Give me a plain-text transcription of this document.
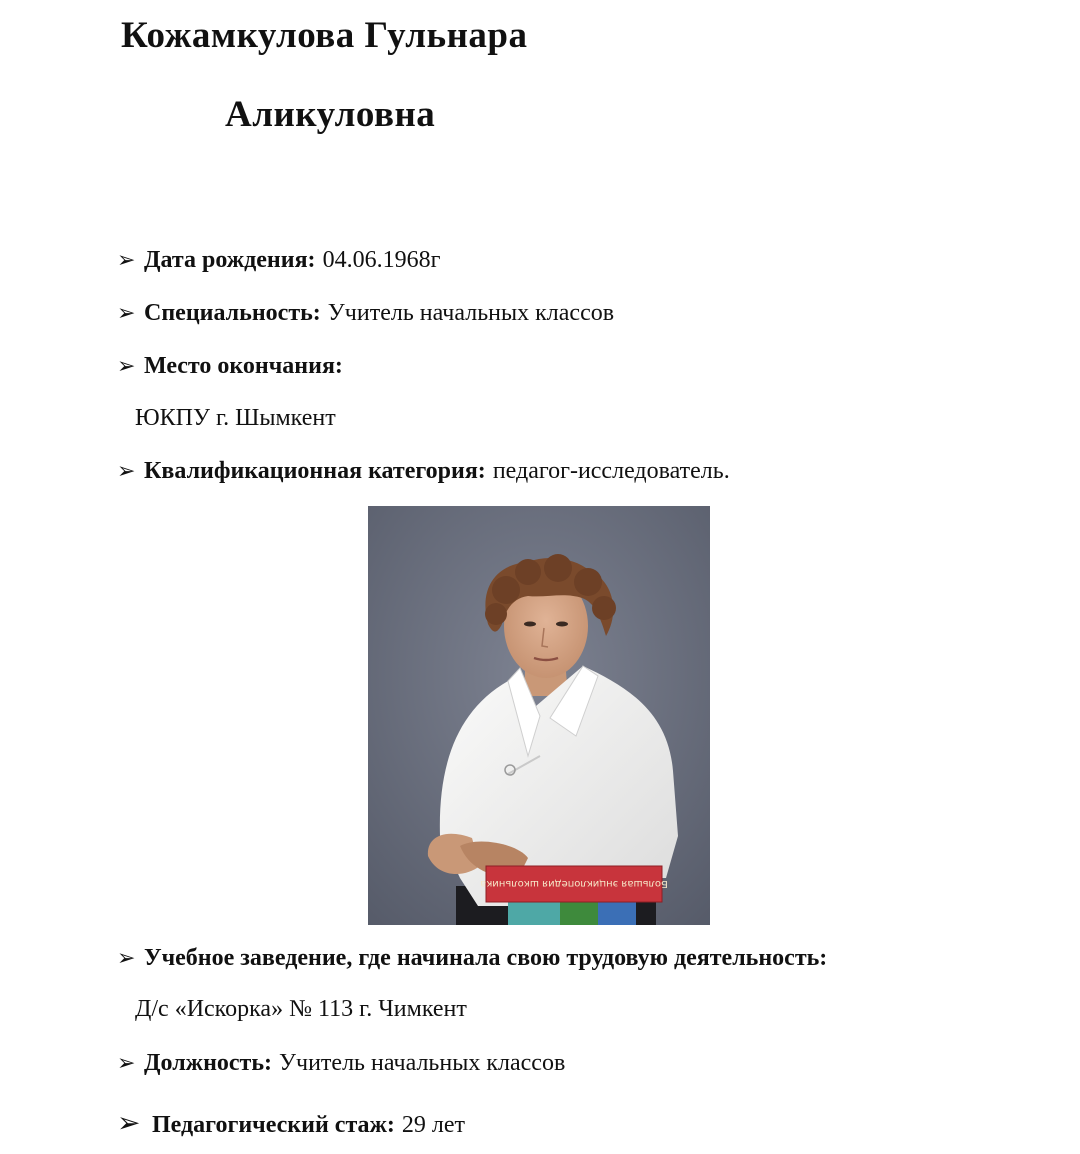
Кожамкулова Гульнара
Аликуловна
➢ Дата рождения: 04.06.1968г
➢ Специальность: Учитель начальных классов
➢ Место окончания:
ЮКПУ г. Шымкент
➢ Квалификационная категория: педагог-исследователь.
Большая энциклопедия школьника
➢ Учебное заведение, где начинала свою трудовую деятельность:
Д/с «Искорка» № 113 г. Чимкент
➢ Должность: Учитель начальных классов
➢ Педагогический стаж: 29 лет
